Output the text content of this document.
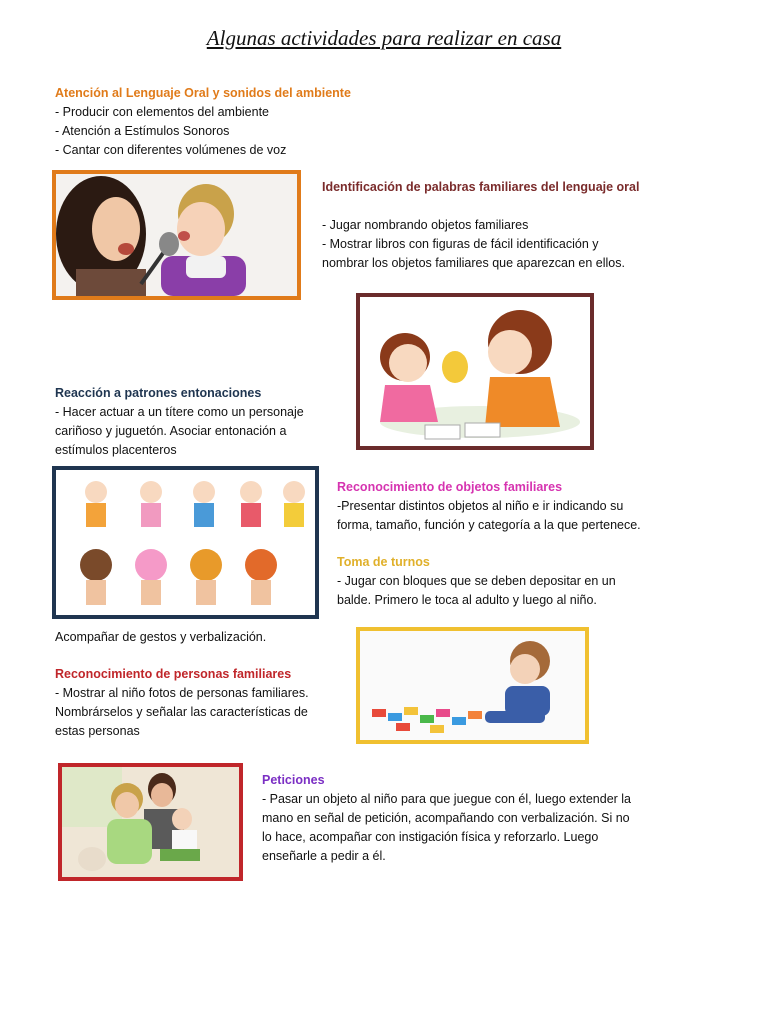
Algunas actividades para realizar en casa

Atención al Lenguaje Oral y sonidos del ambiente

- Producir con elementos del ambiente

- Atención a Estímulos Sonoros

- Cantar con diferentes volúmenes de voz

Identificación de palabras familiares del lenguaje oral

- Jugar nombrando objetos familiares

- Mostrar libros con figuras de fácil identificación y

nombrar los objetos familiares que aparezcan en ellos.

Reacción a patrones entonaciones

- Hacer actuar a un títere como un personaje

cariñoso y juguetón. Asociar entonación a

estímulos placenteros

Reconocimiento de objetos familiares

-Presentar distintos objetos al niño e ir indicando su

forma, tamaño, función y categoría a la que pertenece.

Toma de turnos

- Jugar con bloques que se deben depositar en un

balde. Primero le toca al adulto y luego al niño.

Acompañar de gestos y verbalización.

Reconocimiento de personas familiares

- Mostrar al niño fotos de personas familiares.

Nombrárselos y señalar las características de

estas personas

Peticiones

- Pasar un objeto al niño para que juegue con él, luego extender la

mano en señal de petición, acompañando con verbalización. Si no

lo hace, acompañar con instigación física y reforzarlo. Luego

enseñarle a pedir a él.
